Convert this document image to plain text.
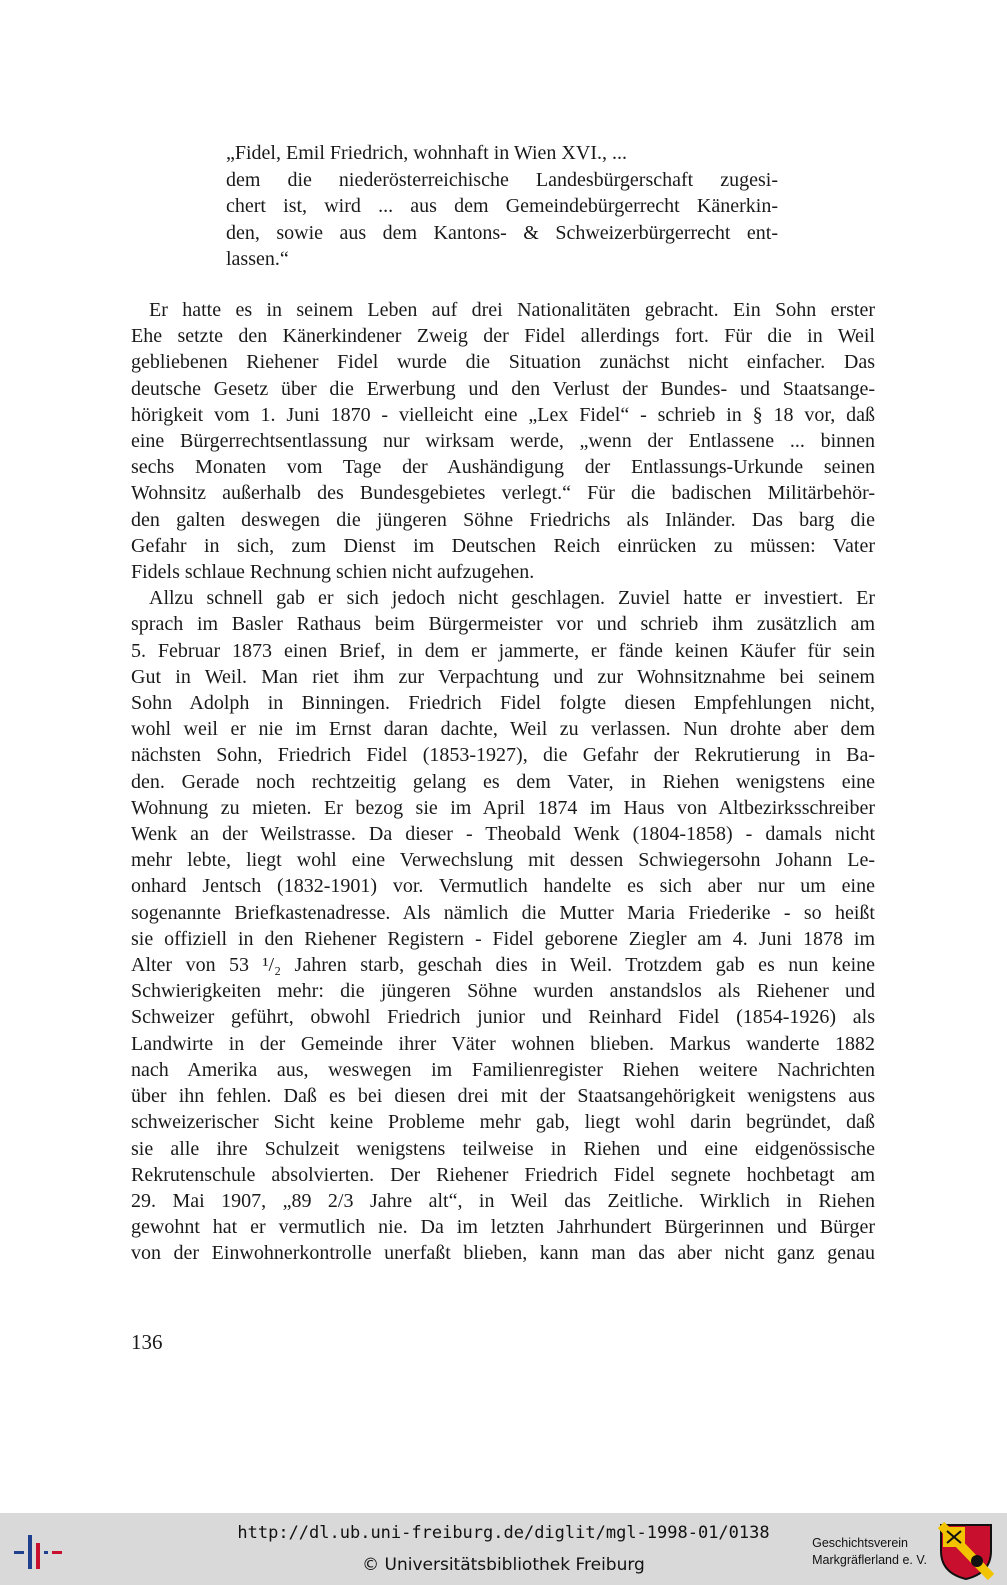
„Fidel, Emil Friedrich, wohnhaft in Wien XVI., ...
dem die niederösterreichische Landesbürgerschaft zugesi-
chert ist, wird ... aus dem Gemeindebürgerrecht Känerkin-
den, sowie aus dem Kantons- & Schweizerbürgerrecht ent-
lassen.“
Er hatte es in seinem Leben auf drei Nationalitäten gebracht. Ein Sohn erster
Ehe setzte den Känerkindener Zweig der Fidel allerdings fort. Für die in Weil
gebliebenen Riehener Fidel wurde die Situation zunächst nicht einfacher. Das
deutsche Gesetz über die Erwerbung und den Verlust der Bundes- und Staatsange-
hörigkeit vom 1. Juni 1870 - vielleicht eine „Lex Fidel“ - schrieb in § 18 vor, daß
eine Bürgerrechtsentlassung nur wirksam werde, „wenn der Entlassene ... binnen
sechs Monaten vom Tage der Aushändigung der Entlassungs-Urkunde seinen
Wohnsitz außerhalb des Bundesgebietes verlegt.“ Für die badischen Militärbehör-
den galten deswegen die jüngeren Söhne Friedrichs als Inländer. Das barg die
Gefahr in sich, zum Dienst im Deutschen Reich einrücken zu müssen: Vater
Fidels schlaue Rechnung schien nicht aufzugehen.
Allzu schnell gab er sich jedoch nicht geschlagen. Zuviel hatte er investiert. Er
sprach im Basler Rathaus beim Bürgermeister vor und schrieb ihm zusätzlich am
5. Februar 1873 einen Brief, in dem er jammerte, er fände keinen Käufer für sein
Gut in Weil. Man riet ihm zur Verpachtung und zur Wohnsitznahme bei seinem
Sohn Adolph in Binningen. Friedrich Fidel folgte diesen Empfehlungen nicht,
wohl weil er nie im Ernst daran dachte, Weil zu verlassen. Nun drohte aber dem
nächsten Sohn, Friedrich Fidel (1853-1927), die Gefahr der Rekrutierung in Ba-
den. Gerade noch rechtzeitig gelang es dem Vater, in Riehen wenigstens eine
Wohnung zu mieten. Er bezog sie im April 1874 im Haus von Altbezirksschreiber
Wenk an der Weilstrasse. Da dieser - Theobald Wenk (1804-1858) - damals nicht
mehr lebte, liegt wohl eine Verwechslung mit dessen Schwiegersohn Johann Le-
onhard Jentsch (1832-1901) vor. Vermutlich handelte es sich aber nur um eine
sogenannte Briefkastenadresse. Als nämlich die Mutter Maria Friederike - so heißt
sie offiziell in den Riehener Registern - Fidel geborene Ziegler am 4. Juni 1878 im
Alter von 53 ¹/₂ Jahren starb, geschah dies in Weil. Trotzdem gab es nun keine
Schwierigkeiten mehr: die jüngeren Söhne wurden anstandslos als Riehener und
Schweizer geführt, obwohl Friedrich junior und Reinhard Fidel (1854-1926) als
Landwirte in der Gemeinde ihrer Väter wohnen blieben. Markus wanderte 1882
nach Amerika aus, weswegen im Familienregister Riehen weitere Nachrichten
über ihn fehlen. Daß es bei diesen drei mit der Staatsangehörigkeit wenigstens aus
schweizerischer Sicht keine Probleme mehr gab, liegt wohl darin begründet, daß
sie alle ihre Schulzeit wenigstens teilweise in Riehen und eine eidgenössische
Rekrutenschule absolvierten. Der Riehener Friedrich Fidel segnete hochbetagt am
29. Mai 1907, „89 2/3 Jahre alt“, in Weil das Zeitliche. Wirklich in Riehen
gewohnt hat er vermutlich nie. Da im letzten Jahrhundert Bürgerinnen und Bürger
von der Einwohnerkontrolle unerfaßt blieben, kann man das aber nicht ganz genau
136
http://dl.ub.uni-freiburg.de/diglit/mgl-1998-01/0138
© Universitätsbibliothek Freiburg
Geschichtsverein
Markgräflerland e. V.
